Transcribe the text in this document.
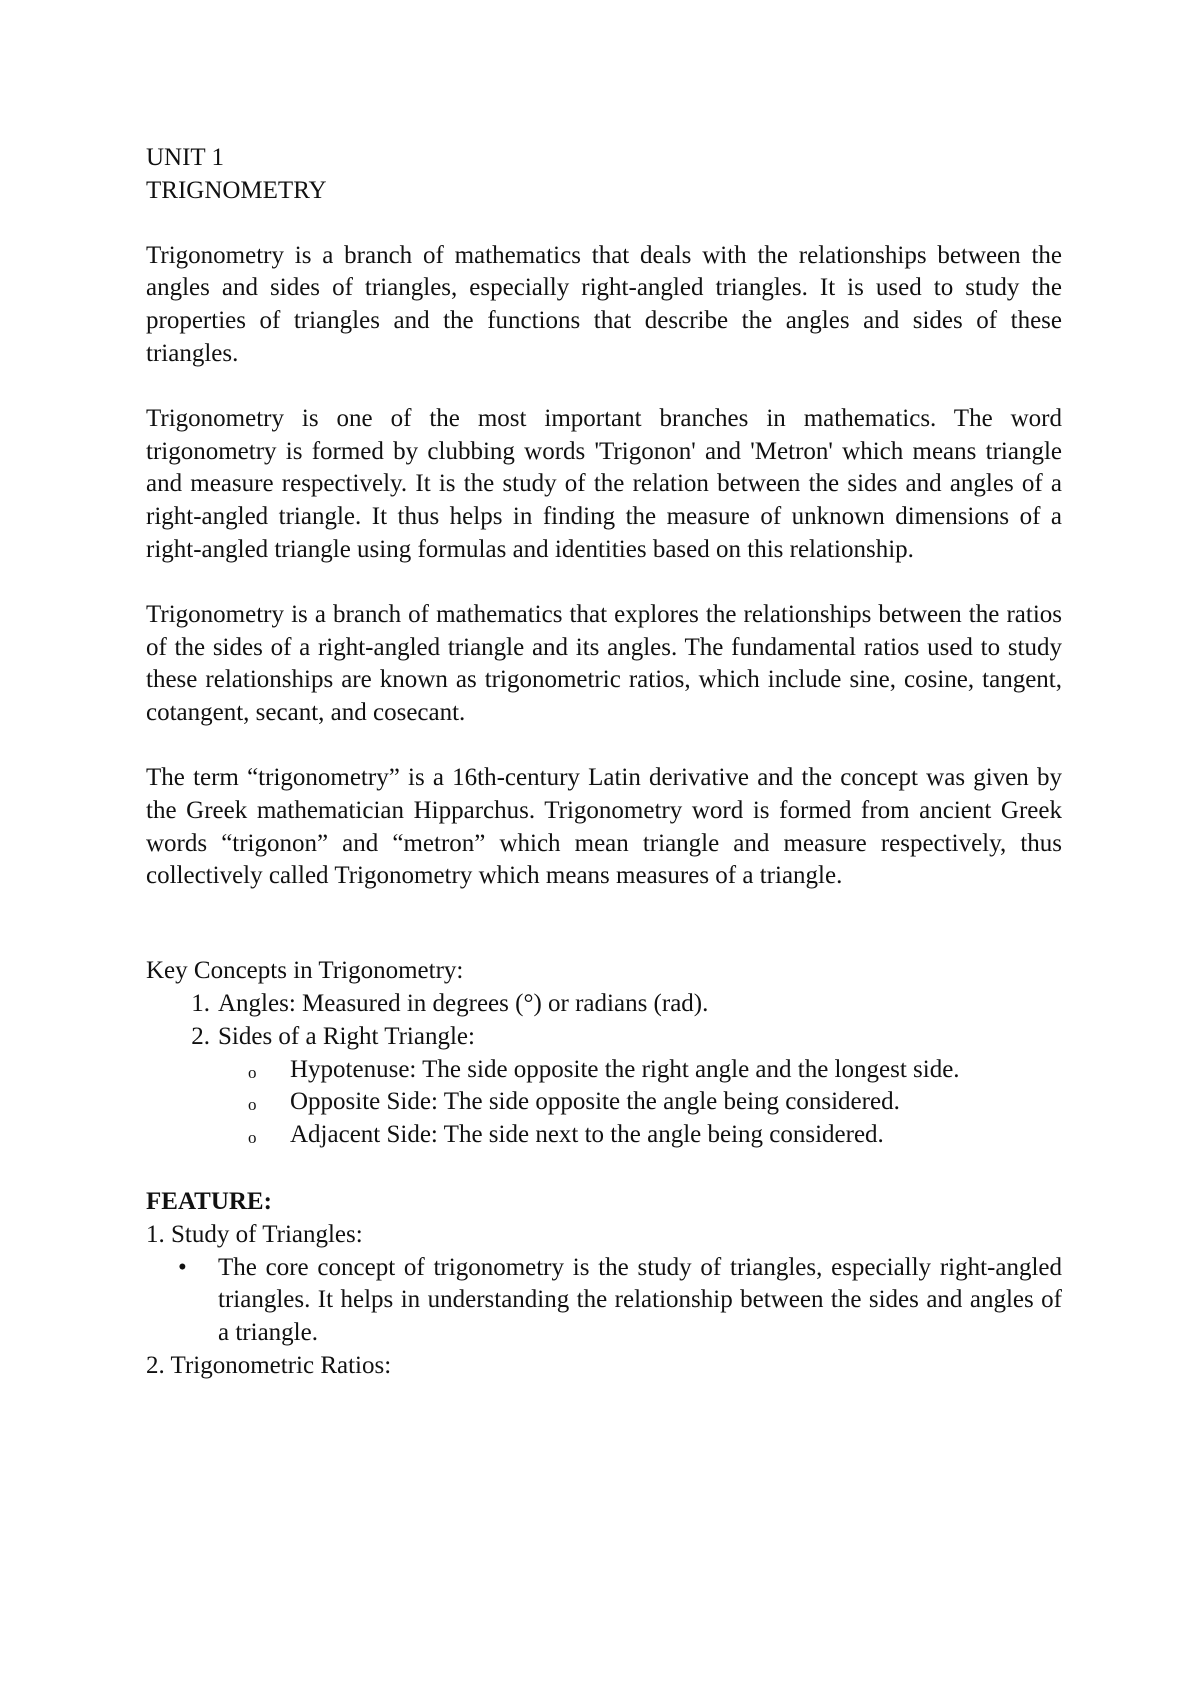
UNIT 1
TRIGNOMETRY

Trigonometry is a branch of mathematics that deals with the relationships between the angles and sides of triangles, especially right-angled triangles. It is used to study the properties of triangles and the functions that describe the angles and sides of these triangles.

Trigonometry is one of the most important branches in mathematics. The word trigonometry is formed by clubbing words 'Trigonon' and 'Metron' which means triangle and measure respectively. It is the study of the relation between the sides and angles of a right-angled triangle. It thus helps in finding the measure of unknown dimensions of a right-angled triangle using formulas and identities based on this relationship.

Trigonometry is a branch of mathematics that explores the relationships between the ratios of the sides of a right-angled triangle and its angles. The fundamental ratios used to study these relationships are known as trigonometric ratios, which include sine, cosine, tangent, cotangent, secant, and cosecant.

The term “trigonometry” is a 16th-century Latin derivative and the concept was given by the Greek mathematician Hipparchus. Trigonometry word is formed from ancient Greek words “trigonon” and “metron” which mean triangle and measure respectively, thus collectively called Trigonometry which means measures of a triangle.

Key Concepts in Trigonometry:
1. Angles: Measured in degrees (°) or radians (rad).
2. Sides of a Right Triangle:
o Hypotenuse: The side opposite the right angle and the longest side.
o Opposite Side: The side opposite the angle being considered.
o Adjacent Side: The side next to the angle being considered.

FEATURE:

1. Study of Triangles:
• The core concept of trigonometry is the study of triangles, especially right-angled triangles. It helps in understanding the relationship between the sides and angles of a triangle.
2. Trigonometric Ratios:
